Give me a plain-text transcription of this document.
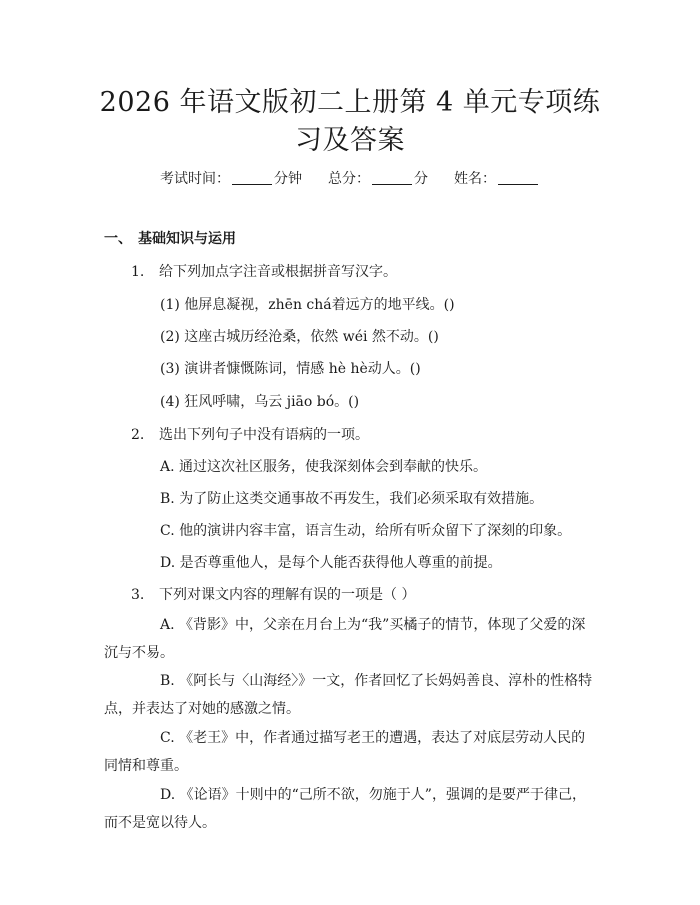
2026 年语文版初二上册第 4 单元专项练习及答案
考试时间：	分钟 总分：	分 姓名：
一、 基础知识与运用
1. 给下列加点字注音或根据拼音写汉字。
(1) 他屏息凝视，zhēn chá着远方的地平线。()
(2) 这座古城历经沧桑，依然 wéi 然不动。()
(3) 演讲者慷慨陈词，情感 hè hè动人。()
(4) 狂风呼啸，乌云 jiāo bó。()
2. 选出下列句子中没有语病的一项。
A. 通过这次社区服务，使我深刻体会到奉献的快乐。
B. 为了防止这类交通事故不再发生，我们必须采取有效措施。
C. 他的演讲内容丰富，语言生动，给所有听众留下了深刻的印象。
D. 是否尊重他人，是每个人能否获得他人尊重的前提。
3. 下列对课文内容的理解有误的一项是（ ）

A. 《背影》中，父亲在月台上为“我”买橘子的情节，体现了父爱的深沉与不易。

B. 《阿长与〈山海经〉》一文，作者回忆了长妈妈善良、淳朴的性格特点，并表达了对她的感激之情。

C. 《老王》中，作者通过描写老王的遭遇，表达了对底层劳动人民的同情和尊重。

D. 《论语》十则中的“己所不欲，勿施于人”，强调的是要严于律己，而不是宽以待人。
